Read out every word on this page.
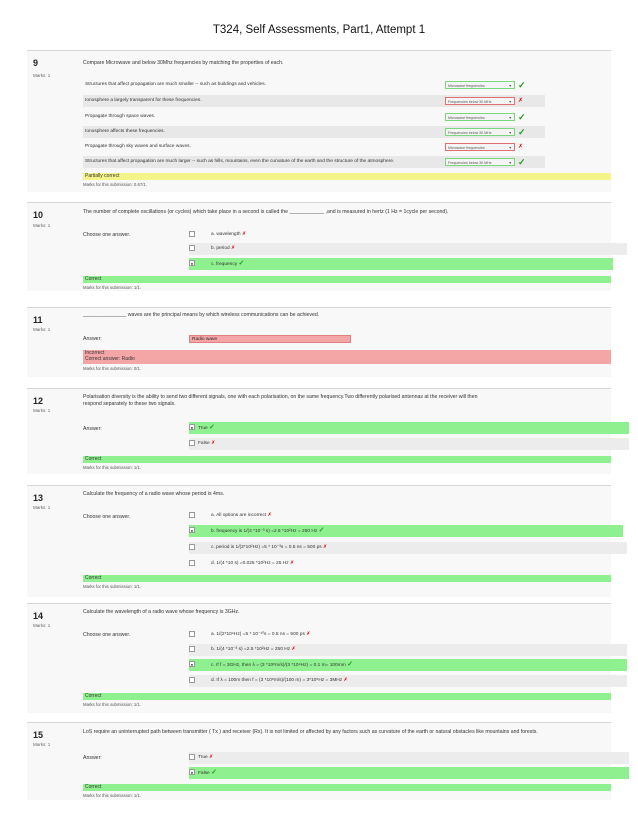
T324, Self Assessments, Part1, Attempt 1
9
Marks: 1
Compare Microwave and below 30Mhz frequencies by matching the properties of each.
Structures that affect propagation are much smaller -- such as buildings and vehicles.	Microwave frequencies	▼ ✓
Ionosphere a largely transparent for these frequencies.	Frequencies below 30 MHz	▼ ✗
Propagate through space waves.	Microwave frequencies	▼ ✓
Ionosphere affects these frequencies.	Frequencies below 30 MHz	▼ ✓
Propagate through sky waves and surface waves.	Microwave frequencies	▼ ✗
Structures that affect propagation are much larger -- such as hills, mountains, even the curvature of the earth and the structure of the atmosphere.	Frequencies below 30 MHz	▼ ✓
Partially correct
Marks for this submission: 0.67/1.
10
Marks: 1
The number of complete oscillations (or cycles) which take place in a second is called the ____________ ,and is measured in hertz (1 Hz = 1cycle per second).
Choose one answer.	a. wavelength ✗
b. period ✗
●	c. frequency ✓
Correct
Marks for this submission: 1/1.
11
Marks: 1
_______________ waves are the principal means by which wireless communications can be achieved.
Answer:	Radio wave
Incorrect
Correct answer: Radio
Marks for this submission: 0/1.
12
Marks: 1
Polarisation diversity is the ability to send two different signals, one with each polarisation, on the same frequency.Two differently polarised antennas at the receiver will then respond separately to these two signals.
Answer:	● True ✓
False ✗
Correct
Marks for this submission: 1/1.
13
Marks: 1
Calculate the frequency of a radio wave whose period is 4ms.
Choose one answer.	a. All options are incorrect ✗
●	b. frequency is 1/(4 *10⁻³ s) =2.5 *10²Hz = 250 Hz ✓
c. period is 1/(2*10²Hz) =5 * 10⁻³s = 0.5 ns = 500 ps ✗
d. 1/(4 *10 s) =0.025 *10²Hz = 25 Hz ✗
Correct
Marks for this submission: 1/1.
14
Marks: 1
Calculate the wavelength of a radio wave whose frequency is 3GHz.
Choose one answer.	a. 1/(2*10⁹Hz) =5 * 10⁻¹⁰s = 0.5 ns = 500 ps ✗
b. 1/(4 *10⁻³ s) =2.5 *10²Hz = 250 Hz ✗
●	c. If f = 3GHz, then λ = (3 *10⁸m/s)/(3 *10⁹Hz) = 0.1 m= 100mm ✓
d. If λ = 100m then f = (3 *10⁸m/s)/(100 m) = 3*10⁶Hz = 3MHz ✗
Correct
Marks for this submission: 1/1.
15
Marks: 1
LoS require an uninterrupted path between transmitter ( Tx ) and receiver (Rx). It is not limited or affected by any factors such as curvature of the earth or natural obstacles like mountains and forests.
Answer:	True ✗
● False ✓
Correct
Marks for this submission: 1/1.
